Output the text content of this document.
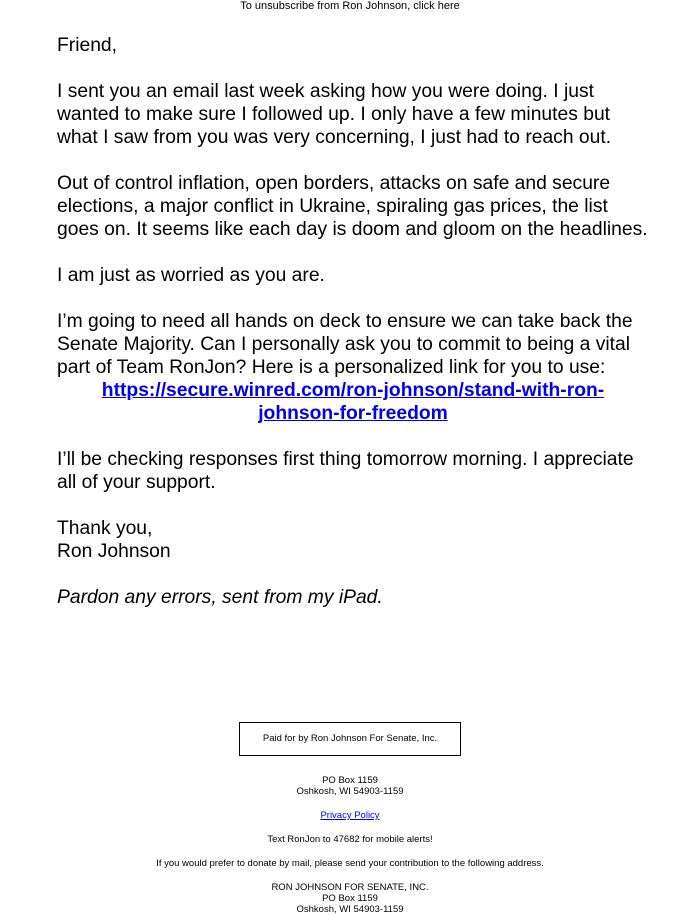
To unsubscribe from Ron Johnson, click here

Friend,

I sent you an email last week asking how you were doing. I just wanted to make sure I followed up. I only have a few minutes but what I saw from you was very concerning, I just had to reach out.

Out of control inflation, open borders, attacks on safe and secure elections, a major conflict in Ukraine, spiraling gas prices, the list goes on. It seems like each day is doom and gloom on the headlines.

I am just as worried as you are.

I’m going to need all hands on deck to ensure we can take back the Senate Majority. Can I personally ask you to commit to being a vital part of Team RonJon? Here is a personalized link for you to use:

https://secure.winred.com/ron-johnson/stand-with-ron-
johnson-for-freedom

I’ll be checking responses first thing tomorrow morning. I appreciate all of your support.

Thank you,
Ron Johnson

Pardon any errors, sent from my iPad.

Paid for by Ron Johnson For Senate, Inc.
PO Box 1159
Oshkosh, WI 54903-1159
Privacy Policy
Text RonJon to 47682 for mobile alerts!
If you would prefer to donate by mail, please send your contribution to the following address.
RON JOHNSON FOR SENATE, INC.
PO Box 1159
Oshkosh, WI 54903-1159
